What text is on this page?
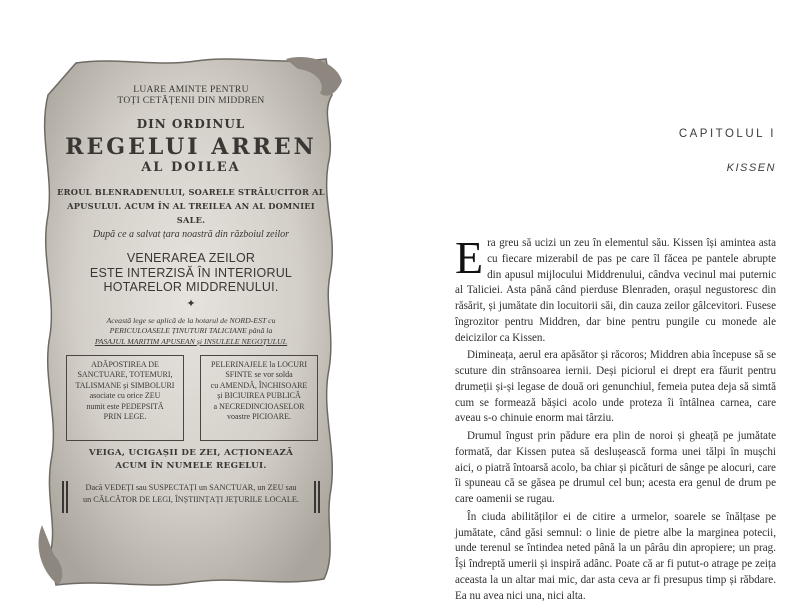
LUARE AMINTE PENTRU
TOȚI CETĂȚENII DIN MIDDREN
DIN ORDINUL
REGELUI ARREN
AL DOILEA
EROUL BLENRADENULUI, SOARELE STRĂLUCITOR AL
APUSULUI. ACUM ÎN AL TREILEA AN AL DOMNIEI SALE.
După ce a salvat țara noastră din războiul zeilor
VENERAREA ZEILOR
ESTE INTERZISĂ ÎN INTERIORUL
HOTARELOR MIDDRENULUI.
✦
Această lege se aplică de la hotarul de NORD-EST cu
PERICULOASELE ȚINUTURI TALICIANE până la
PASAJUL MARITIM APUSEAN și INSULELE NEGOȚULUI.
ADĂPOSTIREA DE
SANCTUARE, TOTEMURI,
TALISMANE și SIMBOLURI
asociate cu orice ZEU
numit este PEDEPSITĂ
PRIN LEGE.
PELERINAJELE la LOCURI
SFINTE se vor solda
cu AMENDĂ, ÎNCHISOARE
și BICIUIREA PUBLICĂ
a NECREDINCIOASELOR
voastre PICIOARE.
VEIGA, UCIGAȘII DE ZEI, ACȚIONEAZĂ
ACUM ÎN NUMELE REGELUI.
Dacă VEDEȚI sau SUSPECTAȚI un SANCTUAR, un ZEU sau
un CĂLCĂTOR DE LEGI, ÎNȘTIINȚAȚI JEȚURILE LOCALE.
CAPITOLUL I
KISSEN

Era greu să ucizi un zeu în elementul său. Kissen își amintea asta cu fiecare mizerabil de pas pe care îl făcea pe pantele abrupte din apusul mijlocului Middrenului, cândva vecinul mai puternic al Taliciei. Asta până când pierduse Blenraden, orașul negustoresc din răsărit, și jumătate din locuitorii săi, din cauza zeilor gâlcevitori. Fusese îngrozitor pentru Middren, dar bine pentru pungile cu monede ale deicizilor ca Kissen.

Dimineața, aerul era apăsător și răcoros; Middren abia începuse să se scuture din strânsoarea iernii. Deși piciorul ei drept era făurit pentru drumeții și-și legase de două ori genunchiul, femeia putea deja să simtă cum se formează bășici acolo unde proteza îi întâlnea carnea, care aveau s-o chinuie enorm mai târziu.

Drumul îngust prin pădure era plin de noroi și gheață pe jumătate formată, dar Kissen putea să deslușească forma unei tălpi în mușchi aici, o piatră întoarsă acolo, ba chiar și picături de sânge pe alocuri, care îi spuneau că se găsea pe drumul cel bun; acesta era genul de drum pe care oamenii se rugau.

În ciuda abilităților ei de citire a urmelor, soarele se înălțase pe jumătate, când găsi semnul: o linie de pietre albe la marginea potecii, unde terenul se întindea neted până la un pârâu din apropiere; un prag. Își îndreptă umerii și inspiră adânc. Poate că ar fi putut-o atrage pe zeița aceasta la un altar mai mic, dar asta ceva ar fi presupus timp și răbdare. Ea nu avea nici una, nici alta.
